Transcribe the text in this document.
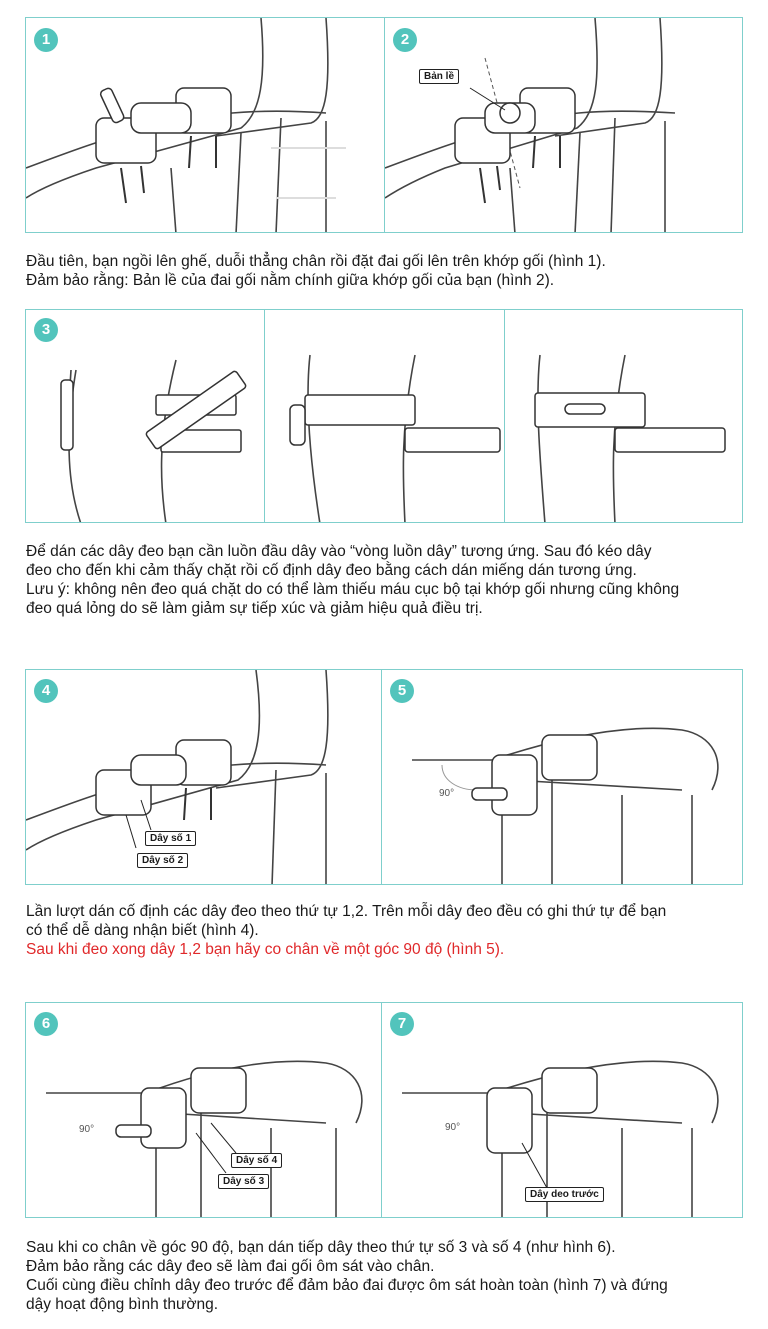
1	2
Bản lề
Đầu tiên, bạn ngồi lên ghế, duỗi thẳng chân rồi đặt đai gối lên trên khớp gối (hình 1).
Đảm bảo rằng: Bản lề của đai gối nằm chính giữa khớp gối của bạn (hình 2).
3
Để dán các dây đeo bạn cần luồn đầu dây vào “vòng luồn dây” tương ứng. Sau đó kéo dây
đeo cho đến khi cảm thấy chặt rồi cố định dây đeo bằng cách dán miếng dán tương ứng.
Lưu ý: không nên đeo quá chặt do có thể làm thiếu máu cục bộ tại khớp gối nhưng cũng không
đeo quá lỏng do sẽ làm giảm sự tiếp xúc và giảm hiệu quả điều trị.
4
Dây số 1
Dây số 2
90°
5
Lần lượt dán cố định các dây đeo theo thứ tự 1,2. Trên mỗi dây đeo đều có ghi thứ tự để bạn
có thể dễ dàng nhận biết (hình 4).
Sau khi đeo xong dây 1,2 bạn hãy co chân về một góc 90 độ (hình 5).
90°
6
Dây số 4
Dây số 3
90°
7
Dây deo trước
Sau khi co chân về góc 90 độ, bạn dán tiếp dây theo thứ tự số 3 và số 4 (như hình 6).
Đảm bảo rằng các dây đeo sẽ làm đai gối ôm sát vào chân.
Cuối cùng điều chỉnh dây đeo trước để đảm bảo đai được ôm sát hoàn toàn (hình 7) và đứng
dậy hoạt động bình thường.
